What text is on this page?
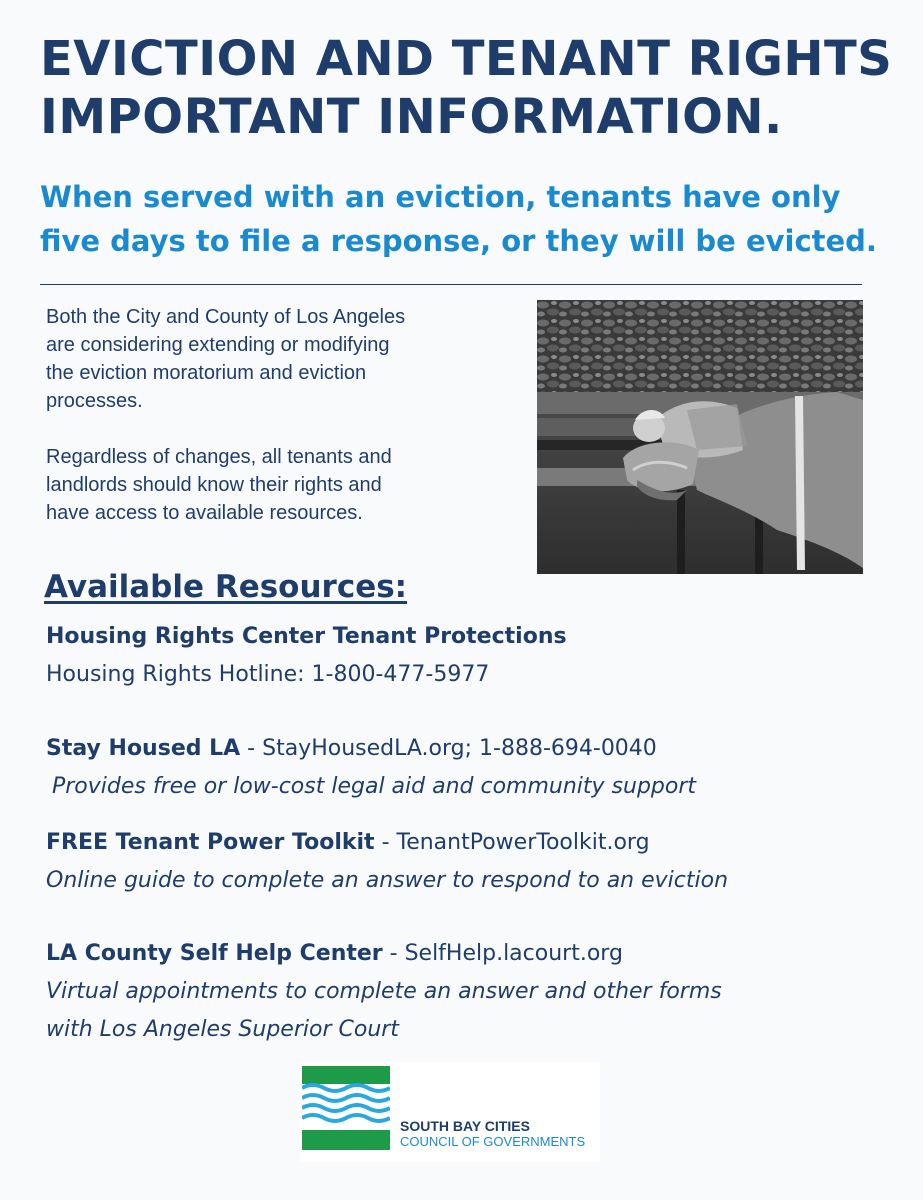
EVICTION AND TENANT RIGHTS
IMPORTANT INFORMATION.
When served with an eviction, tenants have only
five days to file a response, or they will be evicted.

Both the City and County of Los Angeles
are considering extending or modifying
the eviction moratorium and eviction
processes.

Regardless of changes, all tenants and
landlords should know their rights and
have access to available resources.

Available Resources:
Housing Rights Center Tenant Protections
Housing Rights Hotline: 1-800-477-5977
Stay Housed LA - StayHousedLA.org; 1-888-694-0040
Provides free or low-cost legal aid and community support
FREE Tenant Power Toolkit - TenantPowerToolkit.org
Online guide to complete an answer to respond to an eviction
LA County Self Help Center - SelfHelp.lacourt.org
Virtual appointments to complete an answer and other forms
with Los Angeles Superior Court
SOUTH BAY CITIES
COUNCIL OF GOVERNMENTS
